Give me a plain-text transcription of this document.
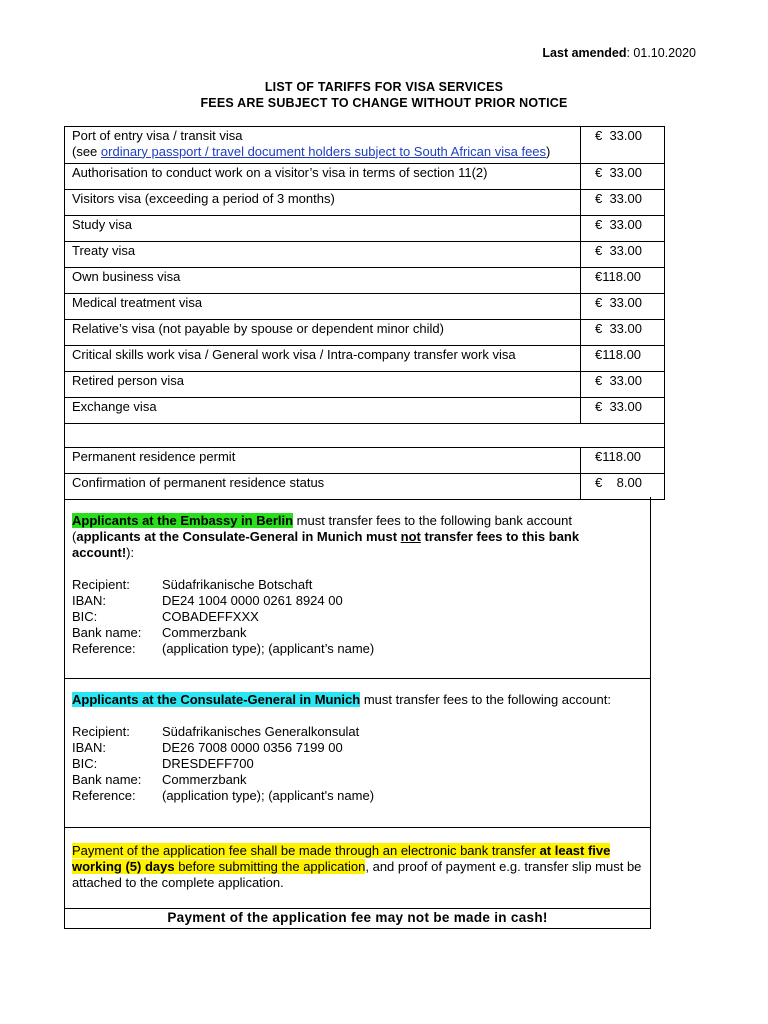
Last amended: 01.10.2020
LIST OF TARIFFS FOR VISA SERVICES
FEES ARE SUBJECT TO CHANGE WITHOUT PRIOR NOTICE
Port of entry visa / transit visa
(see ordinary passport / travel document holders subject to South African visa fees)	€  33.00
Authorisation to conduct work on a visitor’s visa in terms of section 11(2)	€  33.00
Visitors visa (exceeding a period of 3 months)	€  33.00
Study visa	€  33.00
Treaty visa	€  33.00
Own business visa	€118.00
Medical treatment visa	€  33.00
Relative’s visa (not payable by spouse or dependent minor child)	€  33.00
Critical skills work visa / General work visa / Intra-company transfer work visa	€118.00
Retired person visa	€  33.00
Exchange visa	€  33.00

Permanent residence permit	€118.00
Confirmation of permanent residence status	€    8.00
Applicants at the Embassy in Berlin must transfer fees to the following bank account
(applicants at the Consulate-General in Munich must not transfer fees to this bank account!):
Recipient:	Südafrikanische Botschaft
IBAN:	DE24 1004 0000 0261 8924 00
BIC:	COBADEFFXXX
Bank name:	Commerzbank
Reference:	(application type); (applicant’s name)
Applicants at the Consulate-General in Munich must transfer fees to the following account:
Recipient:	Südafrikanisches Generalkonsulat
IBAN:	DE26 7008 0000 0356 7199 00
BIC:	DRESDEFF700
Bank name:	Commerzbank
Reference:	(application type); (applicant's name)
Payment of the application fee shall be made through an electronic bank transfer at least five working (5) days before submitting the application, and proof of payment e.g. transfer slip must be attached to the complete application.
Payment of the application fee may not be made in cash!
